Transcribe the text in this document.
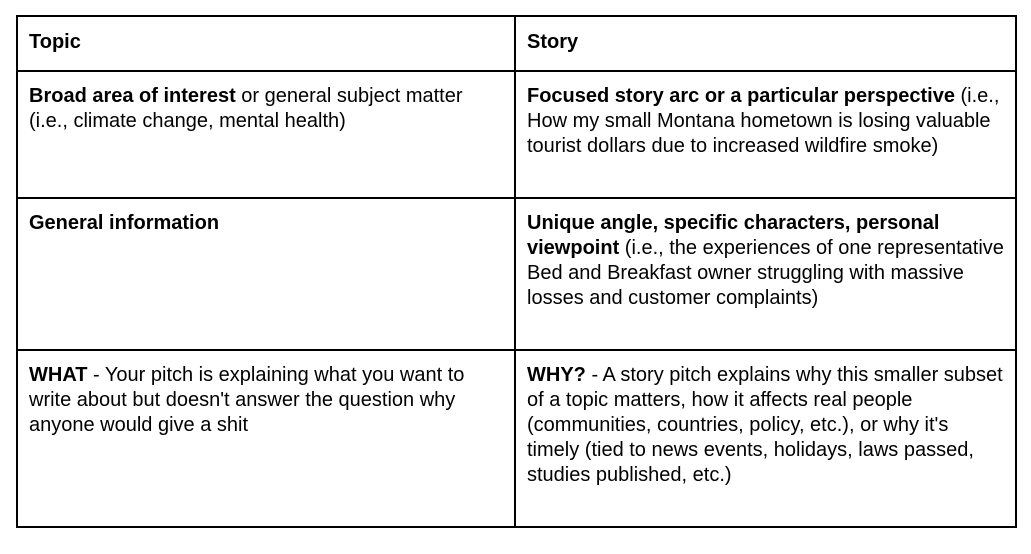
Topic	Story
Broad area of interest or general subject matter (i.e., climate change, mental health)	Focused story arc or a particular perspective (i.e., How my small Montana hometown is losing valuable tourist dollars due to increased wildfire smoke)
General information	Unique angle, specific characters, personal viewpoint (i.e., the experiences of one representative Bed and Breakfast owner struggling with massive losses and customer complaints)
WHAT - Your pitch is explaining what you want to write about but doesn't answer the question why anyone would give a shit	WHY? - A story pitch explains why this smaller subset of a topic matters, how it affects real people (communities, countries, policy, etc.), or why it's timely (tied to news events, holidays, laws passed, studies published, etc.)
